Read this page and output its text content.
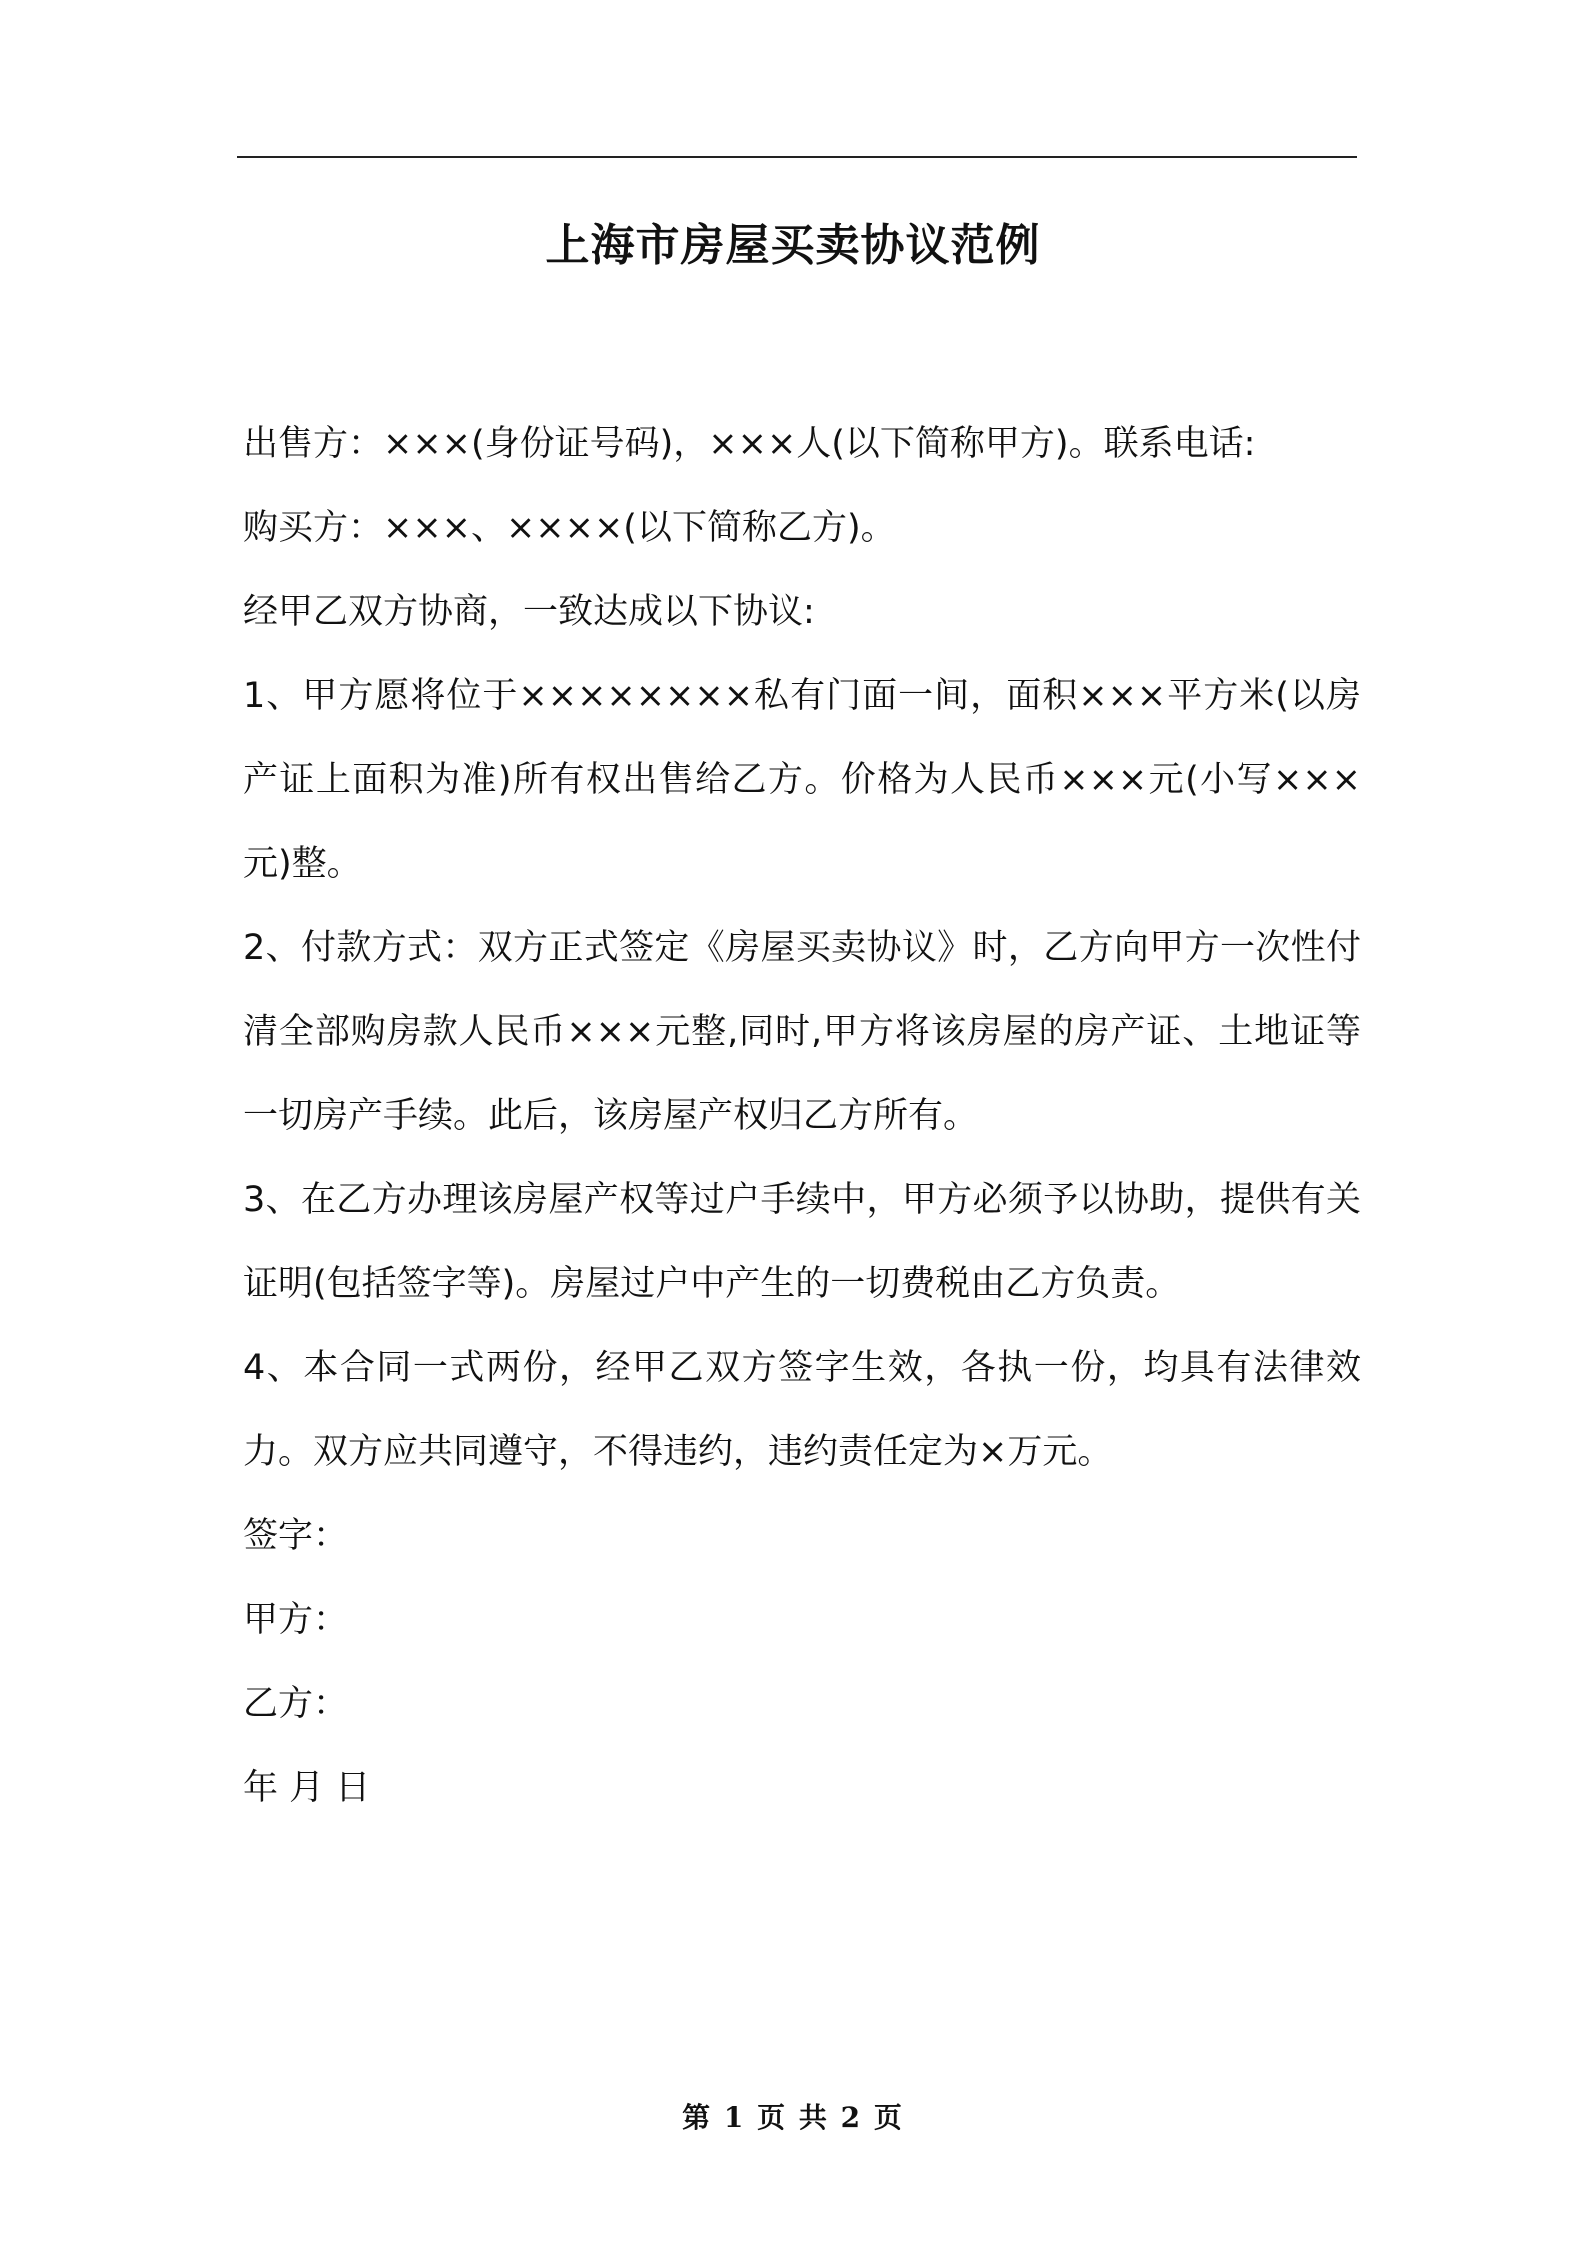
上海市房屋买卖协议范例

出售方：×××(身份证号码)，×××人(以下简称甲方)。联系电话:

购买方：×××、××××(以下简称乙方)。

经甲乙双方协商，一致达成以下协议:

1、甲方愿将位于××××××××私有门面一间，面积×××平方米(以房产证上面积为准)所有权出售给乙方。价格为人民币×××元(小写×××元)整。

2、付款方式：双方正式签定《房屋买卖协议》时，乙方向甲方一次性付清全部购房款人民币×××元整,同时,甲方将该房屋的房产证、土地证等一切房产手续。此后，该房屋产权归乙方所有。

3、在乙方办理该房屋产权等过户手续中，甲方必须予以协助，提供有关证明(包括签字等)。房屋过户中产生的一切费税由乙方负责。

4、本合同一式两份，经甲乙双方签字生效，各执一份，均具有法律效力。双方应共同遵守，不得违约，违约责任定为×万元。

签字：

甲方：

乙方：

年 月 日

第 1 页 共 2 页
